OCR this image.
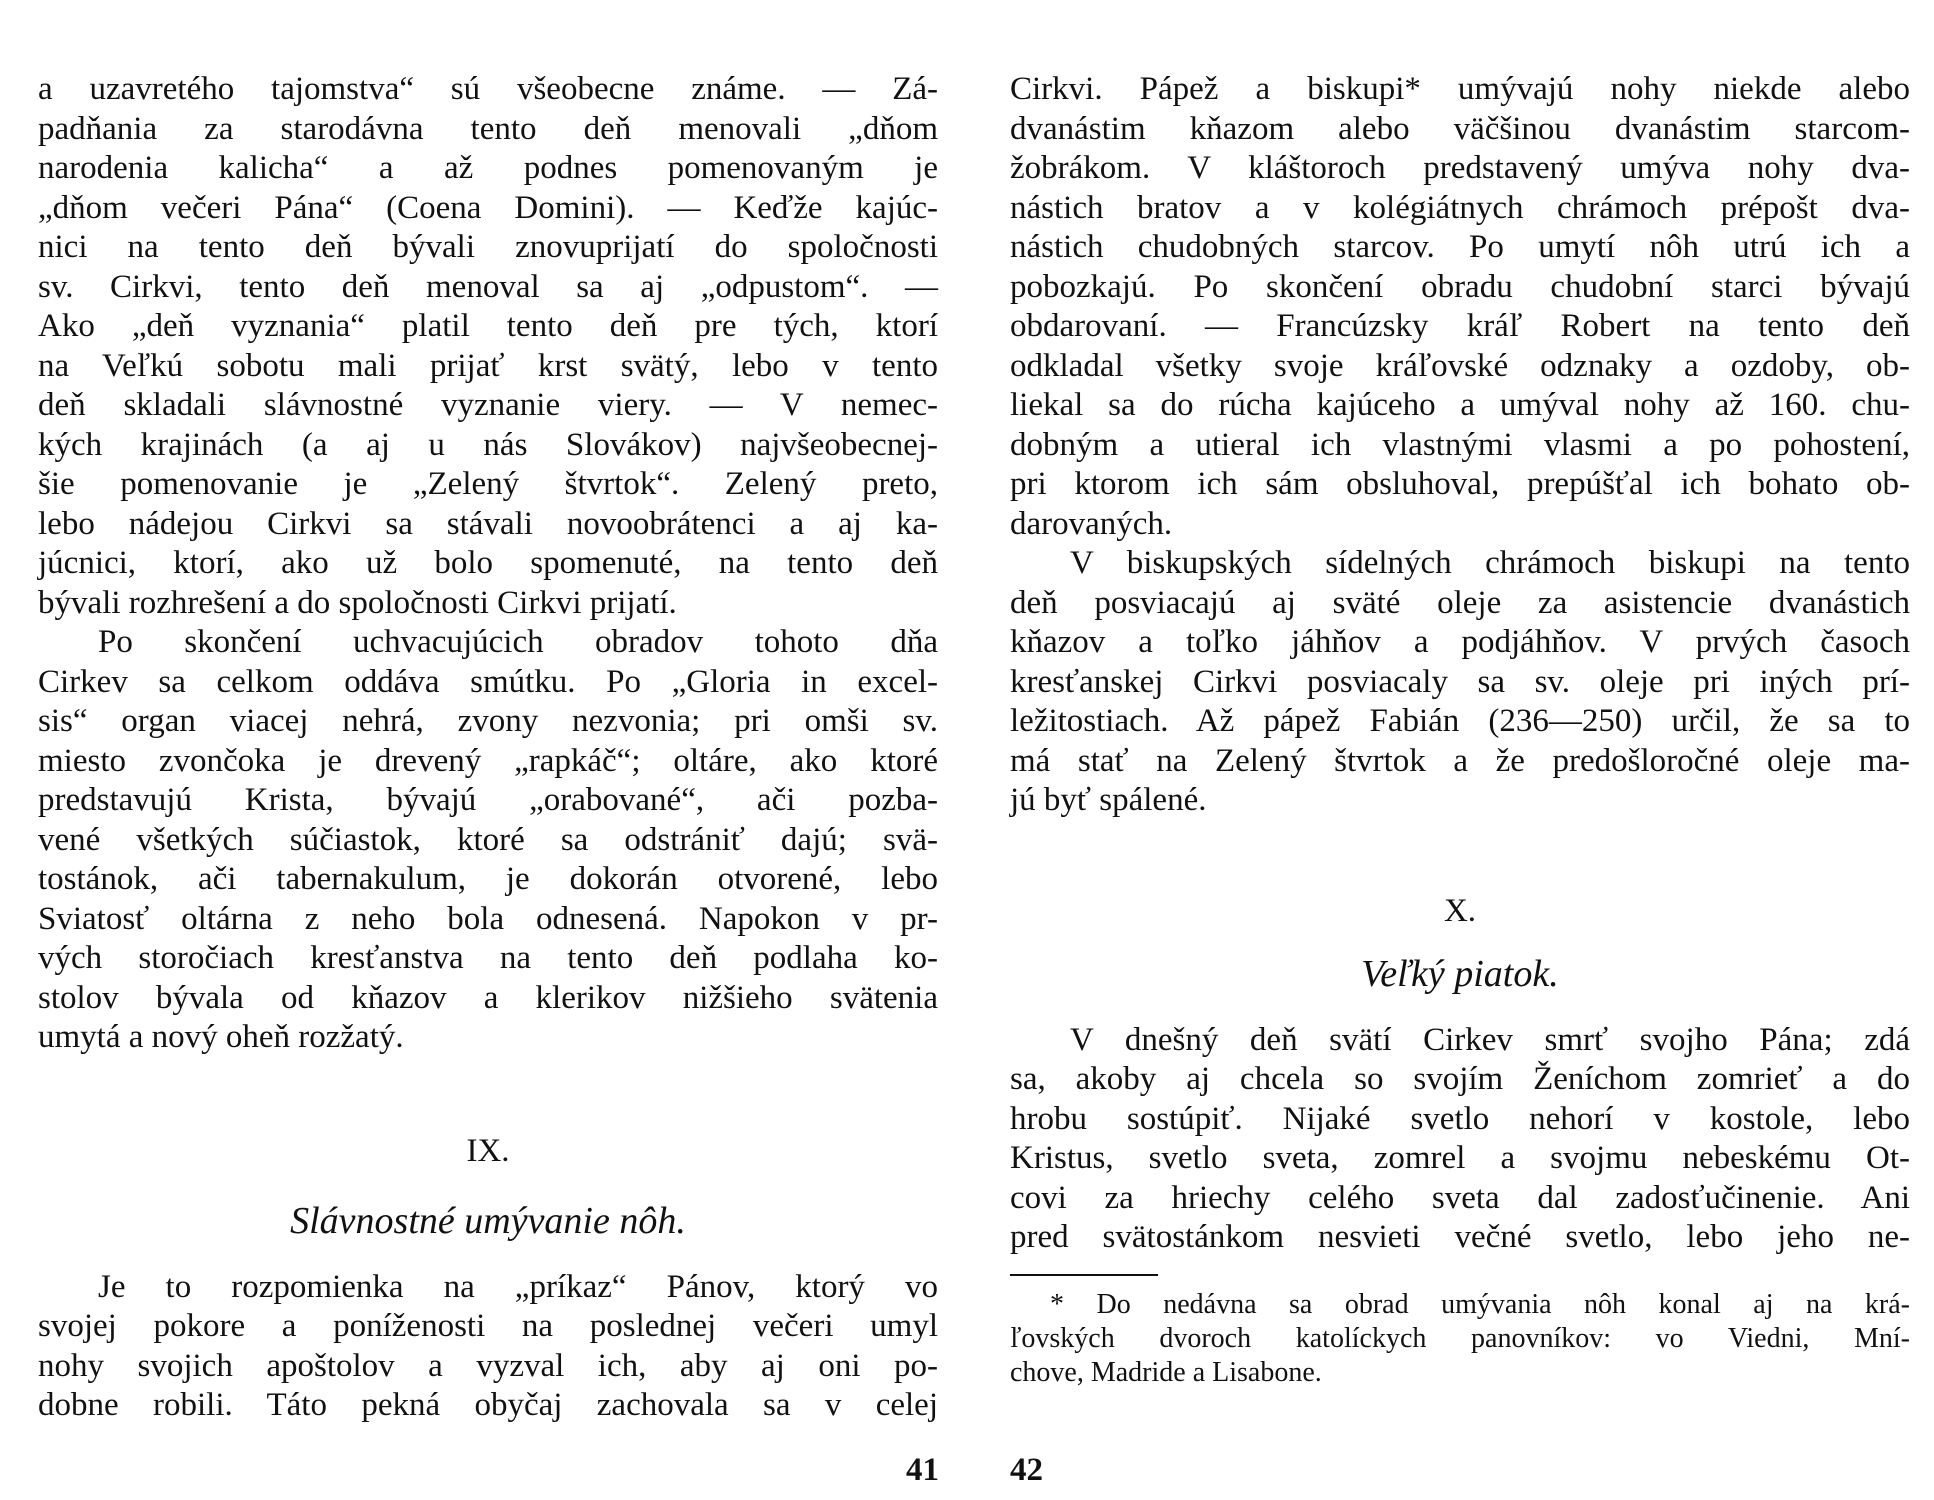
a uzavretého tajomstva“ sú všeobecne známe. — Zá-
padňania za starodávna tento deň menovali „dňom
narodenia kalicha“ a až podnes pomenovaným je
„dňom večeri Pána“ (Coena Domini). — Keďže kajúc-
nici na tento deň bývali znovuprijatí do spoločnosti
sv. Cirkvi, tento deň menoval sa aj „odpustom“. —
Ako „deň vyznania“ platil tento deň pre tých, ktorí
na Veľkú sobotu mali prijať krst svätý, lebo v tento
deň skladali slávnostné vyznanie viery. — V nemec-
kých krajinách (a aj u nás Slovákov) najvšeobecnej-
šie pomenovanie je „Zelený štvrtok“. Zelený preto,
lebo nádejou Cirkvi sa stávali novoobrátenci a aj ka-
júcnici, ktorí, ako už bolo spomenuté, na tento deň
bývali rozhrešení a do spoločnosti Cirkvi prijatí.
Po skončení uchvacujúcich obradov tohoto dňa
Cirkev sa celkom oddáva smútku. Po „Gloria in excel-
sis“ organ viacej nehrá, zvony nezvonia; pri omši sv.
miesto zvončoka je drevený „rapkáč“; oltáre, ako ktoré
predstavujú Krista, bývajú „orabované“, ači pozba-
vené všetkých súčiastok, ktoré sa odstrániť dajú; svä-
tostánok, ači tabernakulum, je dokorán otvorené, lebo
Sviatosť oltárna z neho bola odnesená. Napokon v pr-
vých storočiach kresťanstva na tento deň podlaha ko-
stolov bývala od kňazov a klerikov nižšieho svätenia
umytá a nový oheň rozžatý.
IX.
Slávnostné umývanie nôh.
Je to rozpomienka na „príkaz“ Pánov, ktorý vo
svojej pokore a poníženosti na poslednej večeri umyl
nohy svojich apoštolov a vyzval ich, aby aj oni po-
dobne robili. Táto pekná obyčaj zachovala sa v celej
Cirkvi. Pápež a biskupi* umývajú nohy niekde alebo
dvanástim kňazom alebo väčšinou dvanástim starcom-
žobrákom. V kláštoroch predstavený umýva nohy dva-
nástich bratov a v kolégiátnych chrámoch prépošt dva-
nástich chudobných starcov. Po umytí nôh utrú ich a
pobozkajú. Po skončení obradu chudobní starci bývajú
obdarovaní. — Francúzsky kráľ Robert na tento deň
odkladal všetky svoje kráľovské odznaky a ozdoby, ob-
liekal sa do rúcha kajúceho a umýval nohy až 160. chu-
dobným a utieral ich vlastnými vlasmi a po pohostení,
pri ktorom ich sám obsluhoval, prepúšťal ich bohato ob-
darovaných.
V biskupských sídelných chrámoch biskupi na tento
deň posviacajú aj sväté oleje za asistencie dvanástich
kňazov a toľko jáhňov a podjáhňov. V prvých časoch
kresťanskej Cirkvi posviacaly sa sv. oleje pri iných prí-
ležitostiach. Až pápež Fabián (236—250) určil, že sa to
má stať na Zelený štvrtok a že predošloročné oleje ma-
jú byť spálené.
X.
Veľký piatok.
V dnešný deň svätí Cirkev smrť svojho Pána; zdá
sa, akoby aj chcela so svojím Ženíchom zomrieť a do
hrobu sostúpiť. Nijaké svetlo nehorí v kostole, lebo
Kristus, svetlo sveta, zomrel a svojmu nebeskému Ot-
covi za hriechy celého sveta dal zadosťučinenie. Ani
pred svätostánkom nesvieti večné svetlo, lebo jeho ne-
* Do nedávna sa obrad umývania nôh konal aj na krá-
ľovských dvoroch katolíckych panovníkov: vo Viedni, Mní-
chove, Madride a Lisabone.
41 42
